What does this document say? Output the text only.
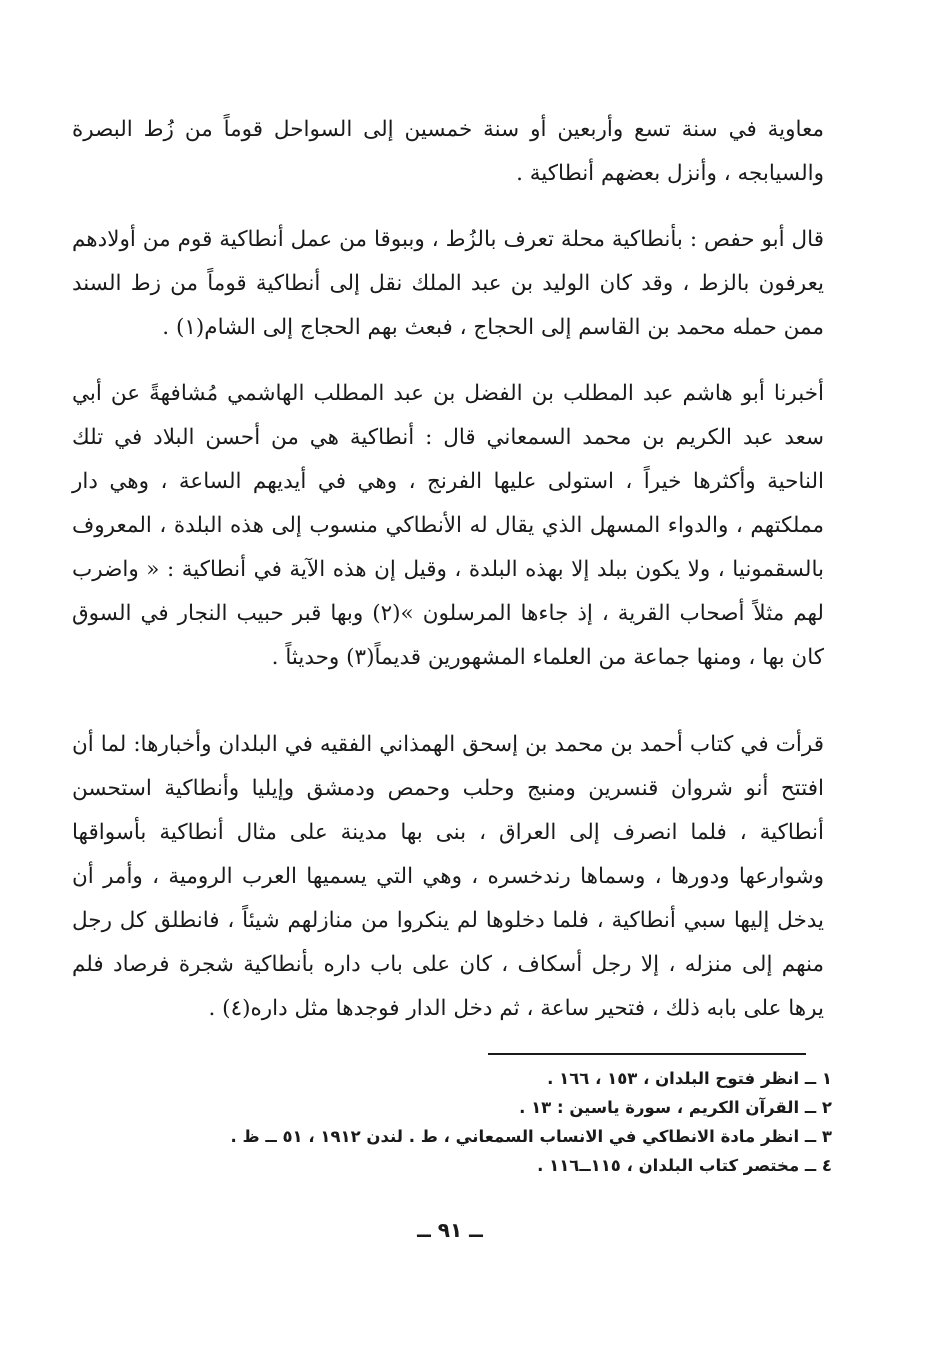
معاوية في سنة تسع وأربعين أو سنة خمسين إلى السواحل قوماً من زُط البصرة والسيابجه ، وأنزل بعضهم أنطاكية .

قال أبو حفص : بأنطاكية محلة تعرف بالزُط ، وببوقا من عمل أنطاكية قوم من أولادهم يعرفون بالزط ، وقد كان الوليد بن عبد الملك نقل إلى أنطاكية قوماً من زط السند ممن حمله محمد بن القاسم إلى الحجاج ، فبعث بهم الحجاج إلى الشام(١) .

أخبرنا أبو هاشم عبد المطلب بن الفضل بن عبد المطلب الهاشمي مُشافهةً عن أبي سعد عبد الكريم بن محمد السمعاني قال : أنطاكية هي من أحسن البلاد في تلك الناحية وأكثرها خيراً ، استولى عليها الفرنج ، وهي في أيديهم الساعة ، وهي دار مملكتهم ، والدواء المسهل الذي يقال له الأنطاكي منسوب إلى هذه البلدة ، المعروف بالسقمونيا ، ولا يكون ببلد إلا بهذه البلدة ، وقيل إن هذه الآية في أنطاكية : « واضرب لهم مثلاً أصحاب القرية ، إذ جاءها المرسلون »(٢) وبها قبر حبيب النجار في السوق كان بها ، ومنها جماعة من العلماء المشهورين قديماً(٣) وحديثاً .

قرأت في كتاب أحمد بن محمد بن إسحق الهمذاني الفقيه في البلدان وأخبارها: لما أن افتتح أنو شروان قنسرين ومنبج وحلب وحمص ودمشق وإيليا وأنطاكية استحسن أنطاكية ، فلما انصرف إلى العراق ، بنى بها مدينة على مثال أنطاكية بأسواقها وشوارعها ودورها ، وسماها رندخسره ، وهي التي يسميها العرب الرومية ، وأمر أن يدخل إليها سبي أنطاكية ، فلما دخلوها لم ينكروا من منازلهم شيئاً ، فانطلق كل رجل منهم إلى منزله ، إلا رجل أسكاف ، كان على باب داره بأنطاكية شجرة فرصاد فلم يرها على بابه ذلك ، فتحير ساعة ، ثم دخل الدار فوجدها مثل داره(٤) .

١ ــ انظر فتوح البلدان ، ١٥٣ ، ١٦٦ .
٢ ــ القرآن الكريم ، سورة ياسين : ١٣ .
٣ ــ انظر مادة الانطاكي في الانساب السمعاني ، ط . لندن ١٩١٢ ، ٥١ ــ ظ .
٤ ــ مختصر كتاب البلدان ، ١١٥ــ١١٦ .
ــ ٩١ ــ
